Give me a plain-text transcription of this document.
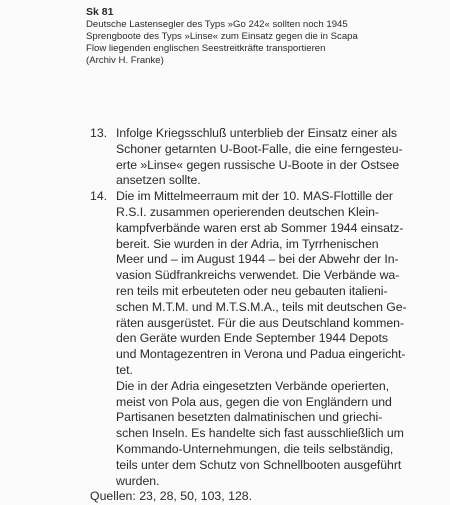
Sk 81
Deutsche Lastensegler des Typs »Go 242« sollten noch 1945
Sprengboote des Typs »Linse« zum Einsatz gegen die in Scapa
Flow liegenden englischen Seestreitkräfte transportieren
(Archiv H. Franke)
13. Infolge Kriegsschluß unterblieb der Einsatz einer als
Schoner getarnten U-Boot-Falle, die eine ferngesteu-
erte »Linse« gegen russische U-Boote in der Ostsee
ansetzen sollte.
14. Die im Mittelmeerraum mit der 10. MAS-Flottille der
R.S.I. zusammen operierenden deutschen Klein-
kampfverbände waren erst ab Sommer 1944 einsatz-
bereit. Sie wurden in der Adria, im Tyrrhenischen
Meer und – im August 1944 – bei der Abwehr der In-
vasion Südfrankreichs verwendet. Die Verbände wa-
ren teils mit erbeuteten oder neu gebauten italieni-
schen M.T.M. und M.T.S.M.A., teils mit deutschen Ge-
räten ausgerüstet. Für die aus Deutschland kommen-
den Geräte wurden Ende September 1944 Depots
und Montagezentren in Verona und Padua eingericht-
tet.
Die in der Adria eingesetzten Verbände operierten,
meist von Pola aus, gegen die von Engländern und
Partisanen besetzten dalmatinischen und griechi-
schen Inseln. Es handelte sich fast ausschließlich um
Kommando-Unternehmungen, die teils selbständig,
teils unter dem Schutz von Schnellbooten ausgeführt
wurden.
Quellen: 23, 28, 50, 103, 128.
